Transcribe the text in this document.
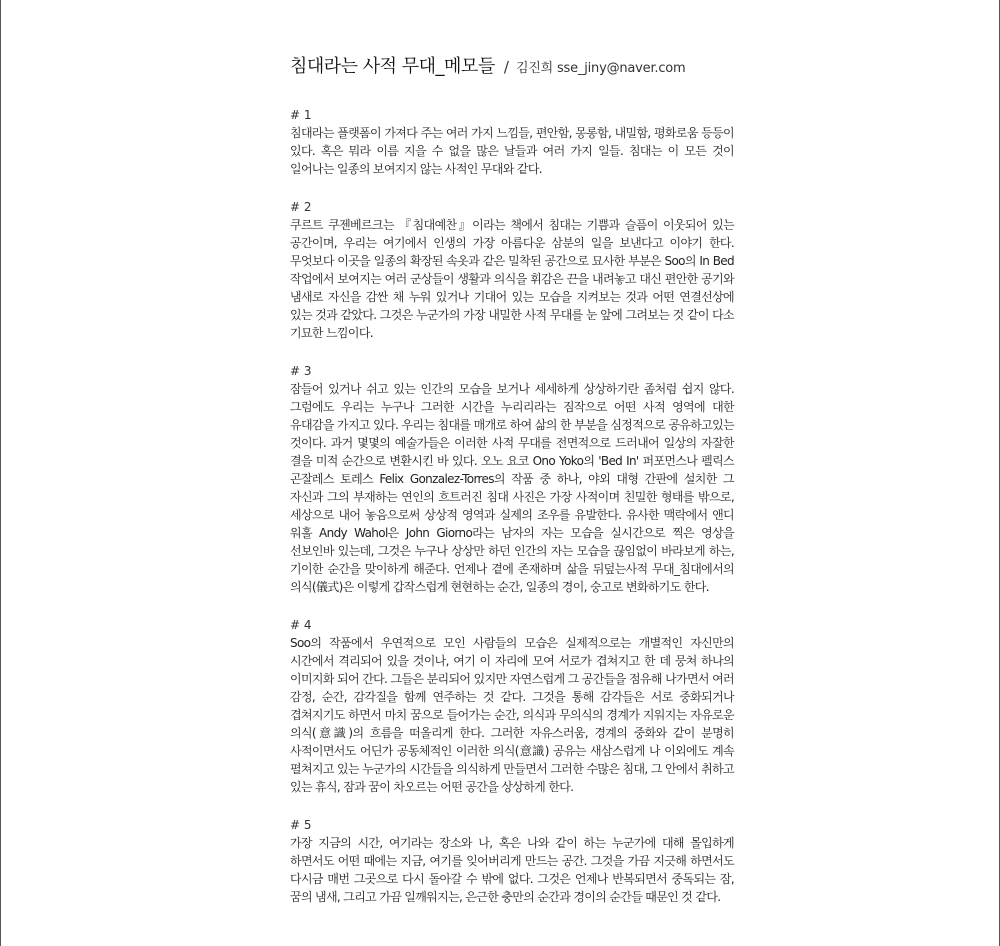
침대라는 사적 무대_메모들 / 김진희 sse_jiny@naver.com
# 1

침대라는 플랫폼이 가져다 주는 여러 가지 느낌들, 편안함, 몽롱함, 내밀함, 평화로움 등등이 있다. 혹은 뭐라 이름 지을 수 없을 많은 날들과 여러 가지 일들. 침대는 이 모든 것이 일어나는 일종의 보여지지 않는 사적인 무대와 같다.

# 2

쿠르트 쿠젠베르크는 『침대예찬』이라는 책에서 침대는 기쁨과 슬픔이 이웃되어 있는 공간이며, 우리는 여기에서 인생의 가장 아름다운 삼분의 일을 보낸다고 이야기 한다. 무엇보다 이곳을 일종의 확장된 속옷과 같은 밀착된 공간으로 묘사한 부분은 Soo의 In Bed 작업에서 보여지는 여러 군상들이 생활과 의식을 휘감은 끈을 내려놓고 대신 편안한 공기와 냄새로 자신을 감싼 채 누워 있거나 기대어 있는 모습을 지켜보는 것과 어떤 연결선상에 있는 것과 같았다. 그것은 누군가의 가장 내밀한 사적 무대를 눈 앞에 그려보는 것 같이 다소 기묘한 느낌이다.

# 3

잠들어 있거나 쉬고 있는 인간의 모습을 보거나 세세하게 상상하기란 좀처럼 쉽지 않다. 그럼에도 우리는 누구나 그러한 시간을 누리리라는 짐작으로 어떤 사적 영역에 대한 유대감을 가지고 있다. 우리는 침대를 매개로 하여 삶의 한 부분을 심정적으로 공유하고있는 것이다. 과거 몇몇의 예술가들은 이러한 사적 무대를 전면적으로 드러내어 일상의 자잘한 결을 미적 순간으로 변환시킨 바 있다. 오노 요코 Ono Yoko의 'Bed In' 퍼포먼스나 펠릭스 곤잘레스 토레스 Felix Gonzalez-Torres의 작품 중 하나, 야외 대형 간판에 설치한 그 자신과 그의 부재하는 연인의 흐트러진 침대 사진은 가장 사적이며 친밀한 형태를 밖으로, 세상으로 내어 놓음으로써 상상적 영역과 실제의 조우를 유발한다. 유사한 맥락에서 앤디 워홀 Andy Wahol은 John Giorno라는 남자의 자는 모습을 실시간으로 찍은 영상을 선보인바 있는데, 그것은 누구나 상상만 하던 인간의 자는 모습을 끊임없이 바라보게 하는, 기이한 순간을 맞이하게 해준다. 언제나 곁에 존재하며 삶을 뒤덮는사적 무대_침대에서의 의식(儀式)은 이렇게 갑작스럽게 현현하는 순간, 일종의 경이, 숭고로 변화하기도 한다.

# 4

Soo의 작품에서 우연적으로 모인 사람들의 모습은 실제적으로는 개별적인 자신만의 시간에서 격리되어 있을 것이나, 여기 이 자리에 모여 서로가 겹쳐지고 한 데 뭉쳐 하나의 이미지화 되어 간다. 그들은 분리되어 있지만 자연스럽게 그 공간들을 점유해 나가면서 여러 감정, 순간, 감각질을 함께 연주하는 것 같다. 그것을 통해 감각들은 서로 중화되거나 겹쳐지기도 하면서 마치 꿈으로 들어가는 순간, 의식과 무의식의 경계가 지워지는 자유로운 의식(意識)의 흐름을 떠올리게 한다. 그러한 자유스러움, 경계의 중화와 같이 분명히 사적이면서도 어딘가 공동체적인 이러한 의식(意識) 공유는 새삼스럽게 나 이외에도 계속 펼쳐지고 있는 누군가의 시간들을 의식하게 만들면서 그러한 수많은 침대, 그 안에서 취하고 있는 휴식, 잠과 꿈이 차오르는 어떤 공간을 상상하게 한다.

# 5

가장 지금의 시간, 여기라는 장소와 나, 혹은 나와 같이 하는 누군가에 대해 몰입하게 하면서도 어떤 때에는 지금, 여기를 잊어버리게 만드는 공간. 그것을 가끔 지긋해 하면서도 다시금 매번 그곳으로 다시 돌아갈 수 밖에 없다. 그것은 언제나 반복되면서 중독되는 잠, 꿈의 냄새, 그리고 가끔 일깨워지는, 은근한 충만의 순간과 경이의 순간들 때문인 것 같다.
